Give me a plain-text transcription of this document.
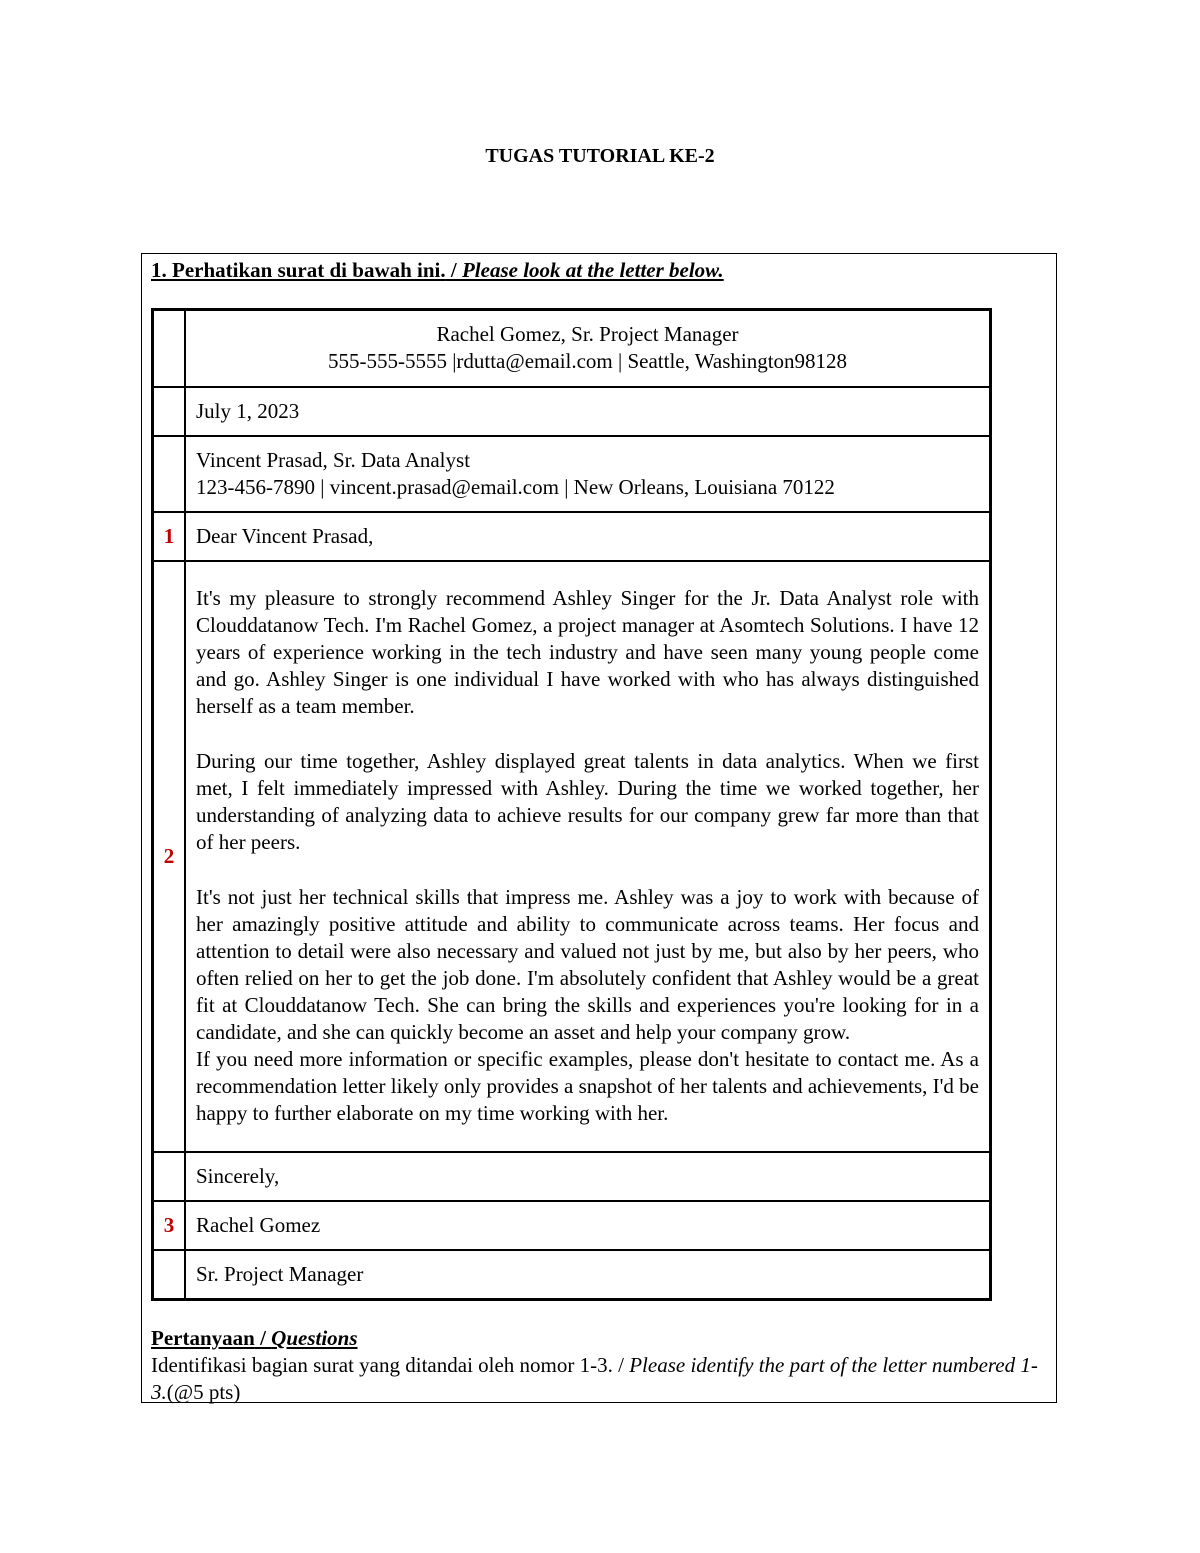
TUGAS TUTORIAL KE-2
1. Perhatikan surat di bawah ini. / Please look at the letter below.

	Rachel Gomez, Sr. Project Manager
555-555-5555 |rdutta@email.com | Seattle, Washington98128

	July 1, 2023

	Vincent Prasad, Sr. Data Analyst
123-456-7890 | vincent.prasad@email.com | New Orleans, Louisiana 70122

1	Dear Vincent Prasad,
2	It's my pleasure to strongly recommend Ashley Singer for the Jr. Data Analyst role with Clouddatanow Tech. I'm Rachel Gomez, a project manager at Asomtech Solutions. I have 12 years of experience working in the tech industry and have seen many young people come and go. Ashley Singer is one individual I have worked with who has always distinguished herself as a team member.

During our time together, Ashley displayed great talents in data analytics. When we first met, I felt immediately impressed with Ashley. During the time we worked together, her understanding of analyzing data to achieve results for our company grew far more than that of her peers.

It's not just her technical skills that impress me. Ashley was a joy to work with because of her amazingly positive attitude and ability to communicate across teams. Her focus and attention to detail were also necessary and valued not just by me, but also by her peers, who often relied on her to get the job done. I'm absolutely confident that Ashley would be a great fit at Clouddatanow Tech. She can bring the skills and experiences you're looking for in a candidate, and she can quickly become an asset and help your company grow.

If you need more information or specific examples, please don't hesitate to contact me. As a recommendation letter likely only provides a snapshot of her talents and achievements, I'd be happy to further elaborate on my time working with her.

	Sincerely,
3	Rachel Gomez
	Sr. Project Manager
Pertanyaan / Questions
Identifikasi bagian surat yang ditandai oleh nomor 1-3. / Please identify the part of the letter numbered 1-3.(@5 pts)
